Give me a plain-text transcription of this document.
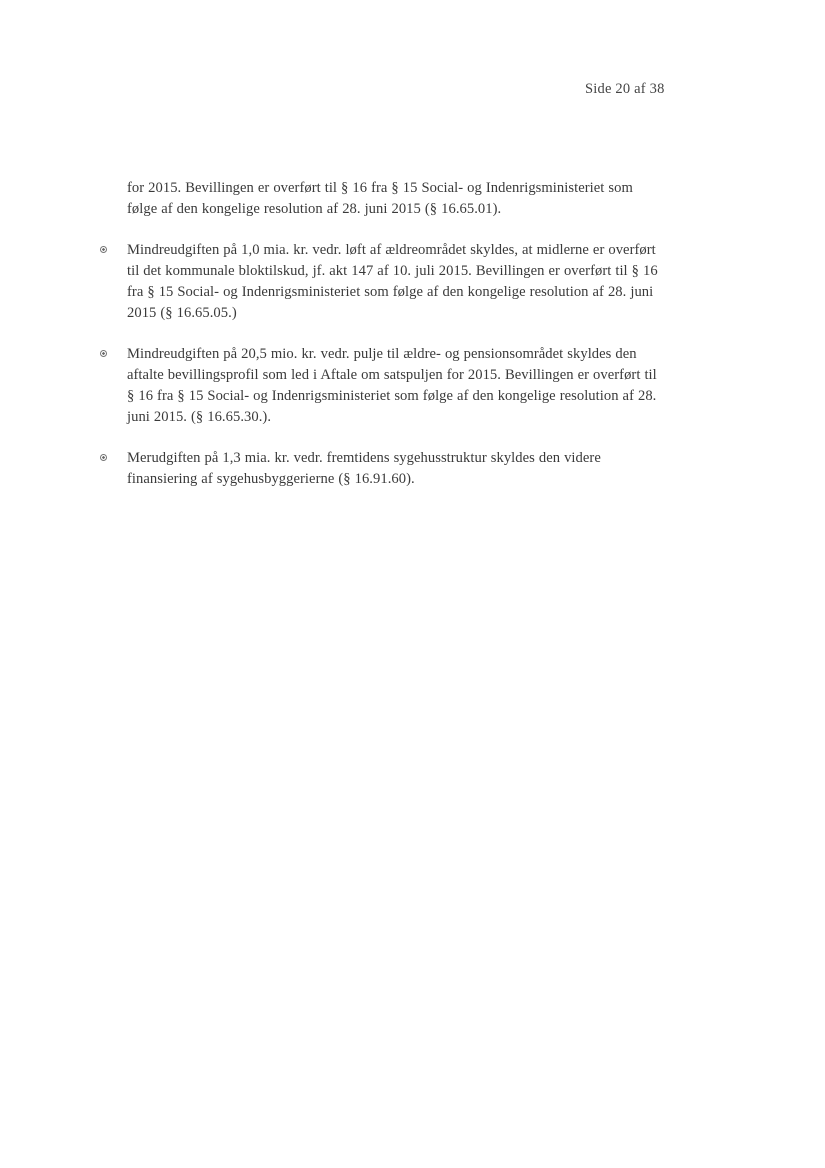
Side 20 af 38

for 2015. Bevillingen er overført til § 16 fra § 15 Social- og Indenrigsministeriet som følge af den kongelige resolution af 28. juni 2015 (§ 16.65.01).

Mindreudgiften på 1,0 mia. kr. vedr. løft af ældreområdet skyldes, at midlerne er overført til det kommunale bloktilskud, jf. akt 147 af 10. juli 2015. Bevillingen er overført til § 16 fra § 15 Social- og Indenrigsministeriet som følge af den kongelige resolution af 28. juni 2015 (§ 16.65.05.)

Mindreudgiften på 20,5 mio. kr. vedr. pulje til ældre- og pensionsområdet skyldes den aftalte bevillingsprofil som led i Aftale om satspuljen for 2015. Bevillingen er overført til § 16 fra § 15 Social- og Indenrigsministeriet som følge af den kongelige resolution af 28. juni 2015. (§ 16.65.30.).

Merudgiften på 1,3 mia. kr. vedr. fremtidens sygehusstruktur skyldes den videre finansiering af sygehusbyggerierne (§ 16.91.60).
